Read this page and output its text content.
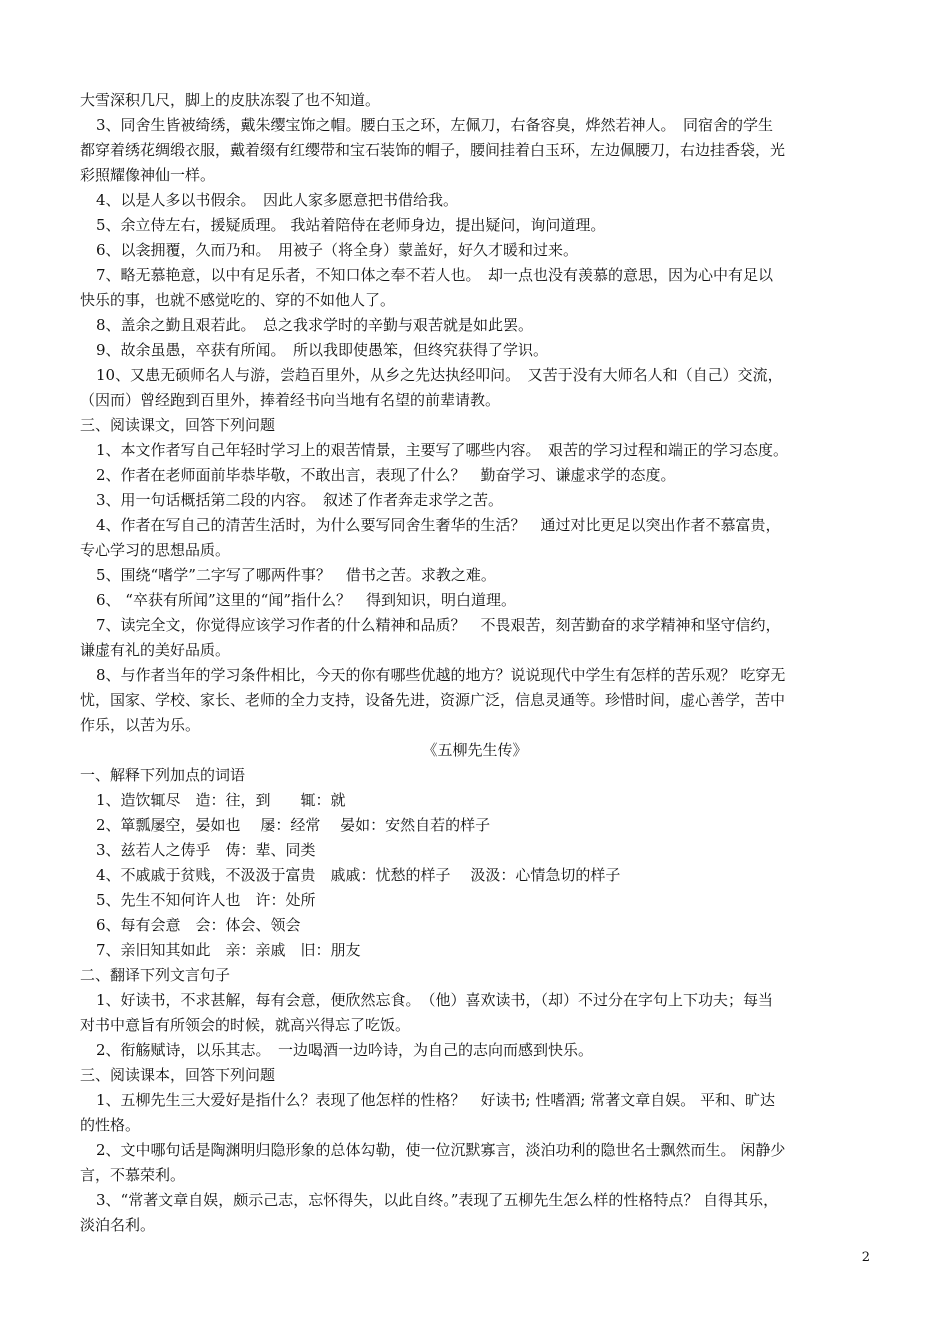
大雪深积几尺，脚上的皮肤冻裂了也不知道。
3、同舍生皆被绮绣，戴朱缨宝饰之帽。腰白玉之环，左佩刀，右备容臭，烨然若神人。　同宿舍的学生
都穿着绣花绸缎衣服，戴着缀有红缨带和宝石装饰的帽子，腰间挂着白玉环，左边佩腰刀，右边挂香袋，光
彩照耀像神仙一样。
4、以是人多以书假余。　因此人家多愿意把书借给我。
5、余立侍左右，援疑质理。 我站着陪侍在老师身边，提出疑问，询问道理。
6、以衾拥覆，久而乃和。　用被子（将全身）蒙盖好，好久才暖和过来。
7、略无慕艳意，以中有足乐者，不知口体之奉不若人也。　却一点也没有羡慕的意思，因为心中有足以
快乐的事，也就不感觉吃的、穿的不如他人了。
8、盖余之勤且艰若此。　总之我求学时的辛勤与艰苦就是如此罢。
9、故余虽愚，卒获有所闻。　所以我即使愚笨，但终究获得了学识。
10、又患无硕师名人与游，尝趋百里外，从乡之先达执经叩问。　又苦于没有大师名人和（自己）交流，
（因而）曾经跑到百里外，捧着经书向当地有名望的前辈请教。
三、阅读课文，回答下列问题
1、本文作者写自己年轻时学习上的艰苦情景，主要写了哪些内容。　艰苦的学习过程和端正的学习态度。
2、作者在老师面前毕恭毕敬，不敢出言，表现了什么？　勤奋学习、谦虚求学的态度。
3、用一句话概括第二段的内容。　叙述了作者奔走求学之苦。
4、作者在写自己的清苦生活时，为什么要写同舍生奢华的生活？　通过对比更足以突出作者不慕富贵，
专心学习的思想品质。
5、围绕“嗜学”二字写了哪两件事？　借书之苦。求教之难。
6、 “卒获有所闻”这里的“闻”指什么？　得到知识，明白道理。
7、读完全文，你觉得应该学习作者的什么精神和品质？　不畏艰苦，刻苦勤奋的求学精神和坚守信约，
谦虚有礼的美好品质。
8、与作者当年的学习条件相比，今天的你有哪些优越的地方？说说现代中学生有怎样的苦乐观？ 吃穿无
忧，国家、学校、家长、老师的全力支持，设备先进，资源广泛，信息灵通等。珍惜时间，虚心善学，苦中
作乐，以苦为乐。
《五柳先生传》
一、解释下列加点的词语
1、造饮辄尽　造：往，到　　辄：就
2、箪瓢屡空，晏如也　 屡：经常　 晏如：安然自若的样子
3、兹若人之俦乎　俦：辈、同类
4、不戚戚于贫贱，不汲汲于富贵　戚戚：忧愁的样子　 汲汲：心情急切的样子
5、先生不知何许人也　许：处所
6、每有会意　会：体会、领会
7、亲旧知其如此　亲：亲戚　旧：朋友
二、翻译下列文言句子
1、好读书，不求甚解，每有会意，便欣然忘食。　（他）喜欢读书，（却）不过分在字句上下功夫；每当
对书中意旨有所领会的时候，就高兴得忘了吃饭。
2、衔觞赋诗，以乐其志。　一边喝酒一边吟诗，为自己的志向而感到快乐。
三、阅读课本，回答下列问题
1、五柳先生三大爱好是指什么？表现了他怎样的性格？　好读书; 性嗜酒; 常著文章自娱。 平和、旷达
的性格。
2、文中哪句话是陶渊明归隐形象的总体勾勒，使一位沉默寡言，淡泊功利的隐世名士飘然而生。 闲静少
言，不慕荣利。
3、“常著文章自娱，颇示己志，忘怀得失，以此自终。”表现了五柳先生怎么样的性格特点？ 自得其乐，
淡泊名利。
2
